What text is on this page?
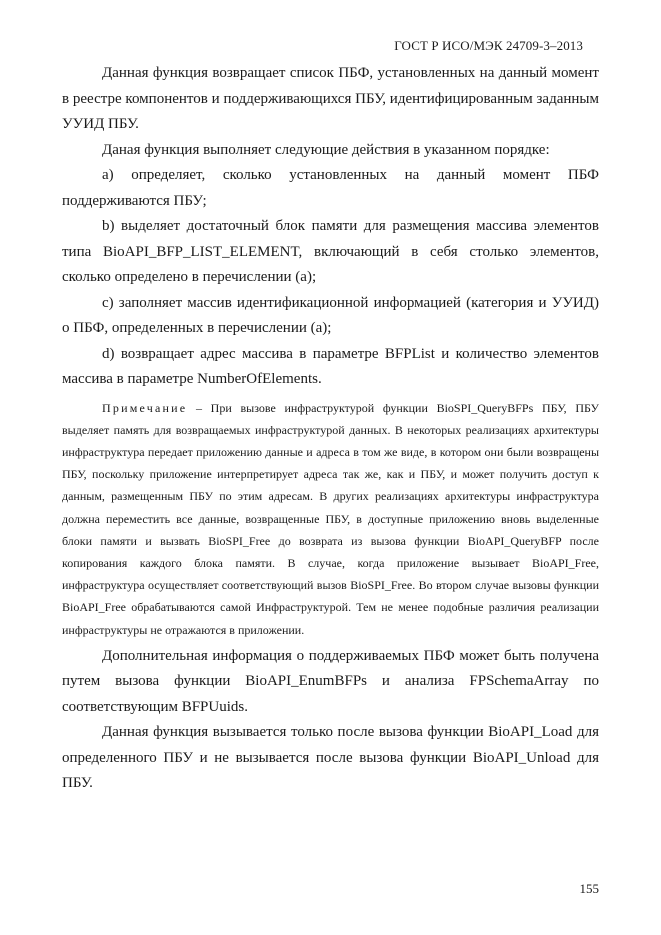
ГОСТ Р ИСО/МЭК 24709-3–2013

Данная функция возвращает список ПБФ, установленных на данный момент в реестре компонентов и поддерживающихся ПБУ, идентифицированным заданным УУИД ПБУ.

Даная функция выполняет следующие действия в указанном порядке:

a) определяет, сколько установленных на данный момент ПБФ поддерживаются ПБУ;

b) выделяет достаточный блок памяти для размещения массива элементов типа BioAPI_BFP_LIST_ELEMENT, включающий в себя столько элементов, сколько определено в перечислении (a);

c) заполняет массив идентификационной информацией (категория и УУИД) о ПБФ, определенных в перечислении (a);

d) возвращает адрес массива в параметре BFPList и количество элементов массива в параметре NumberOfElements.

Примечание – При вызове инфраструктурой функции BioSPI_QueryBFPs ПБУ, ПБУ выделяет память для возвращаемых инфраструктурой данных. В некоторых реализациях архитектуры инфраструктура передает приложению данные и адреса в том же виде, в котором они были возвращены ПБУ, поскольку приложение интерпретирует адреса так же, как и ПБУ, и может получить доступ к данным, размещенным ПБУ по этим адресам. В других реализациях архитектуры инфраструктура должна переместить все данные, возвращенные ПБУ, в доступные приложению вновь выделенные блоки памяти и вызвать BioSPI_Free до возврата из вызова функции BioAPI_QueryBFP после копирования каждого блока памяти. В случае, когда приложение вызывает BioAPI_Free, инфраструктура осуществляет соответствующий вызов BioSPI_Free. Во втором случае вызовы функции BioAPI_Free обрабатываются самой Инфраструктурой. Тем не менее подобные различия реализации инфраструктуры не отражаются в приложении.

Дополнительная информация о поддерживаемых ПБФ может быть получена путем вызова функции BioAPI_EnumBFPs и анализа FPSchemaArray по соответствующим BFPUuids.

Данная функция вызывается только после вызова функции BioAPI_Load для определенного ПБУ и не вызывается после вызова функции BioAPI_Unload для ПБУ.

155
